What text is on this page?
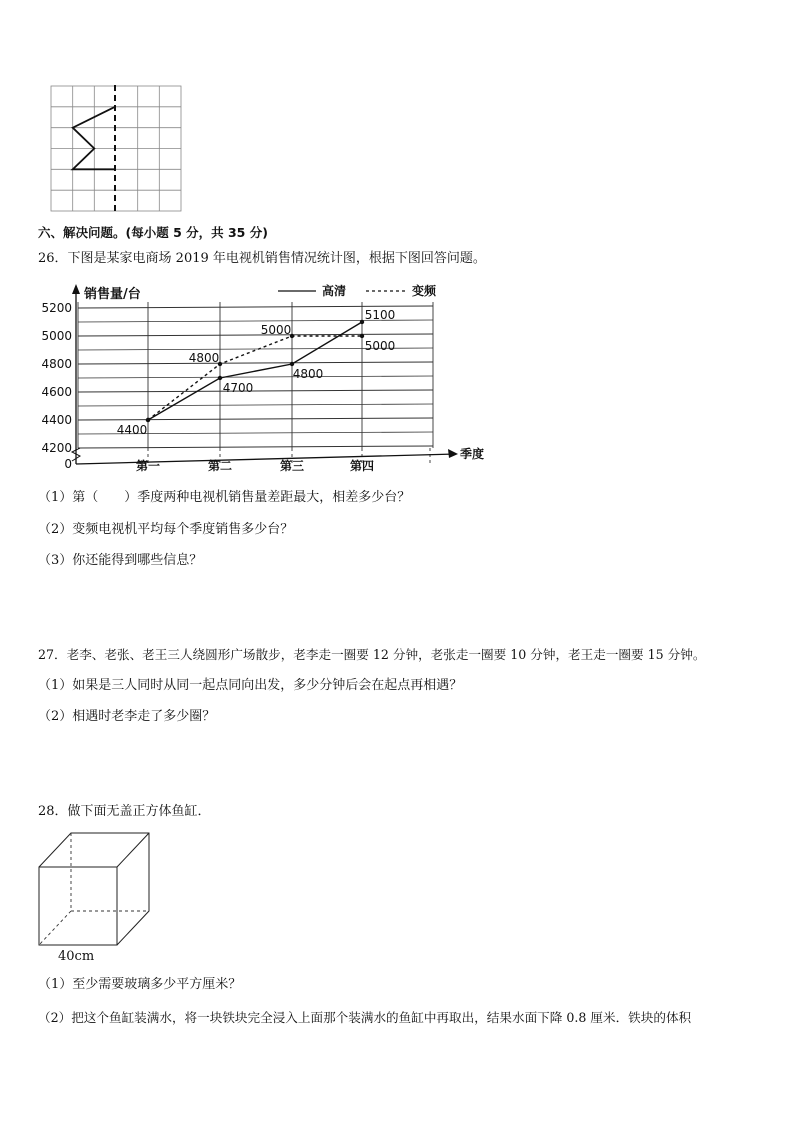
六、解决问题。(每小题 5 分，共 35 分)
26．下图是某家电商场 2019 年电视机销售情况统计图，根据下图回答问题。
销售量/台
季度
0
4200
4400
4600
4800
5000
5200
第一	第二	第三	第四
高清	变频
4400
4700
4800
5100
4800
5000
5000
（1）第（　　）季度两种电视机销售量差距最大，相差多少台？
（2）变频电视机平均每个季度销售多少台？
（3）你还能得到哪些信息？
27．老李、老张、老王三人绕圆形广场散步，老李走一圈要 12 分钟，老张走一圈要 10 分钟，老王走一圈要 15 分钟。
（1）如果是三人同时从同一起点同向出发，多少分钟后会在起点再相遇？
（2）相遇时老李走了多少圈？
28．做下面无盖正方体鱼缸．
40cm
（1）至少需要玻璃多少平方厘米？
（2）把这个鱼缸装满水，将一块铁块完全浸入上面那个装满水的鱼缸中再取出，结果水面下降 0.8 厘米．铁块的体积
